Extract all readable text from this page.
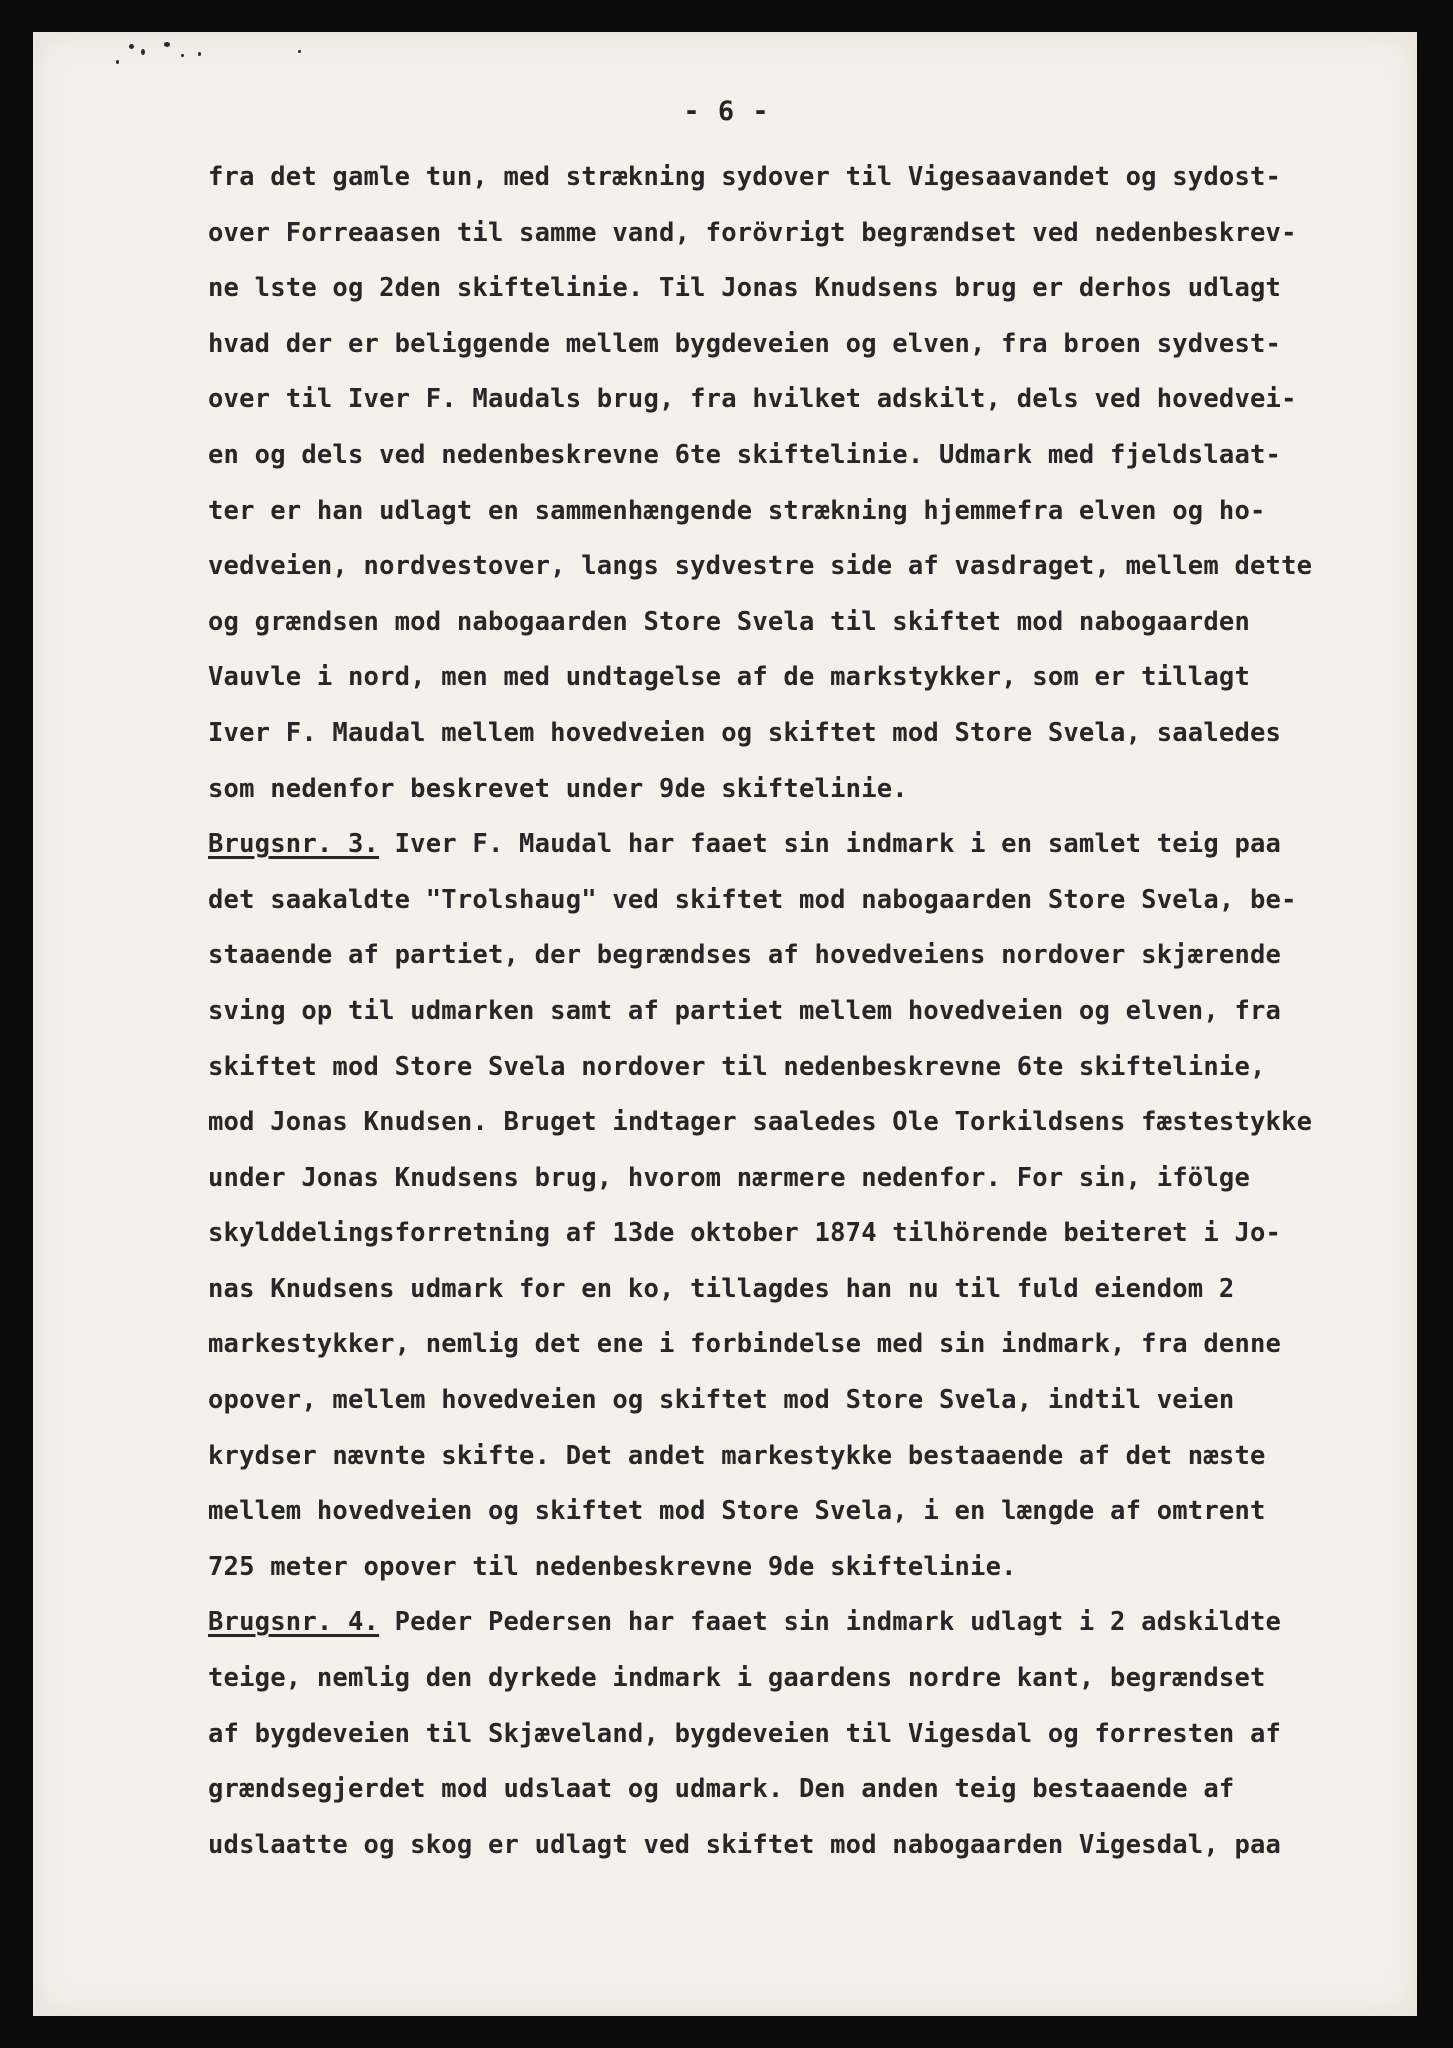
- 6 -
fra det gamle tun, med strækning sydover til Vigesaavandet og sydost-
over Forreaasen til samme vand, forövrigt begrændset ved nedenbeskrev-
ne lste og 2den skiftelinie. Til Jonas Knudsens brug er derhos udlagt
hvad der er beliggende mellem bygdeveien og elven, fra broen sydvest-
over til Iver F. Maudals brug, fra hvilket adskilt, dels ved hovedvei-
en og dels ved nedenbeskrevne 6te skiftelinie. Udmark med fjeldslaat-
ter er han udlagt en sammenhængende strækning hjemmefra elven og ho-
vedveien, nordvestover, langs sydvestre side af vasdraget, mellem dette
og grændsen mod nabogaarden Store Svela til skiftet mod nabogaarden
Vauvle i nord, men med undtagelse af de markstykker, som er tillagt
Iver F. Maudal mellem hovedveien og skiftet mod Store Svela, saaledes
som nedenfor beskrevet under 9de skiftelinie.
Brugsnr. 3. Iver F. Maudal har faaet sin indmark i en samlet teig paa
det saakaldte "Trolshaug" ved skiftet mod nabogaarden Store Svela, be-
staaende af partiet, der begrændses af hovedveiens nordover skjærende
sving op til udmarken samt af partiet mellem hovedveien og elven, fra
skiftet mod Store Svela nordover til nedenbeskrevne 6te skiftelinie,
mod Jonas Knudsen. Bruget indtager saaledes Ole Torkildsens fæstestykke
under Jonas Knudsens brug, hvorom nærmere nedenfor. For sin, ifölge
skylddelingsforretning af 13de oktober 1874 tilhörende beiteret i Jo-
nas Knudsens udmark for en ko, tillagdes han nu til fuld eiendom 2
markestykker, nemlig det ene i forbindelse med sin indmark, fra denne
opover, mellem hovedveien og skiftet mod Store Svela, indtil veien
krydser nævnte skifte. Det andet markestykke bestaaende af det næste
mellem hovedveien og skiftet mod Store Svela, i en længde af omtrent
725 meter opover til nedenbeskrevne 9de skiftelinie.
Brugsnr. 4. Peder Pedersen har faaet sin indmark udlagt i 2 adskildte
teige, nemlig den dyrkede indmark i gaardens nordre kant, begrændset
af bygdeveien til Skjæveland, bygdeveien til Vigesdal og forresten af
grændsegjerdet mod udslaat og udmark. Den anden teig bestaaende af
udslaatte og skog er udlagt ved skiftet mod nabogaarden Vigesdal, paa
